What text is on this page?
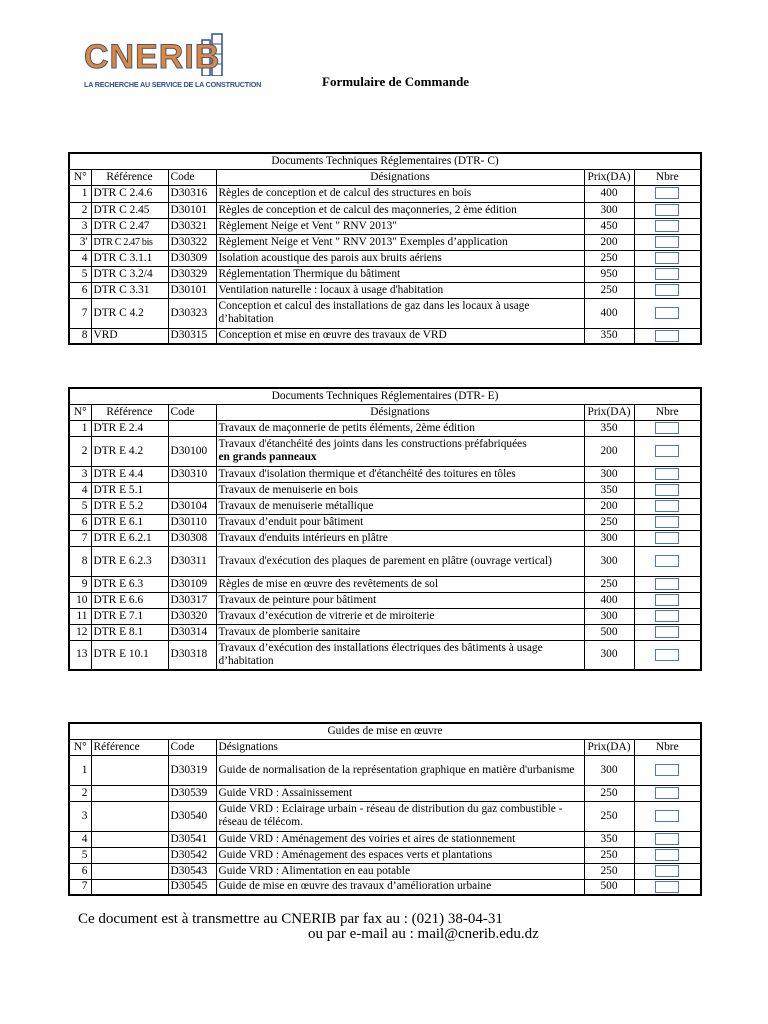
CNERIB
LA RECHERCHE AU SERVICE DE LA CONSTRUCTION	Formulaire de Commande
Documents Techniques Réglementaires (DTR- C)					
N°	Référence	Code	Désignations	Prix(DA)	Nbre
1	DTR C 2.4.6	D30316	Règles de conception et de calcul des structures en bois	400	
2	DTR C 2.45	D30101	Règles de conception et de calcul des maçonneries, 2 ème édition	300	
3	DTR C 2.47	D30321	Règlement Neige et Vent " RNV 2013"	450	
3'	DTR C 2.47 bis	D30322	Règlement Neige et Vent " RNV 2013" Exemples d’application	200	
4	DTR C 3.1.1	D30309	Isolation acoustique des parois aux bruits aériens	250	
5	DTR C 3.2/4	D30329	Réglementation Thermique du bâtiment	950	
6	DTR C 3.31	D30101	Ventilation naturelle : locaux à usage d'habitation	250	
7	DTR C 4.2	D30323	Conception et calcul des installations de gaz dans les locaux à usage d’habitation	400	
8	VRD	D30315	Conception et mise en œuvre des travaux de VRD	350	
Documents Techniques Réglementaires (DTR- E)					
N°	Référence	Code	Désignations	Prix(DA)	Nbre
1	DTR E 2.4		Travaux de maçonnerie de petits éléments, 2ème édition	350	
2	DTR E 4.2	D30100	Travaux d'étanchéité des joints dans les constructions préfabriquées
en grands panneaux	200	
3	DTR E 4.4	D30310	Travaux d'isolation thermique et d'étanchéité des toitures en tôles	300	
4	DTR E 5.1		Travaux de menuiserie en bois	350	
5	DTR E 5.2	D30104	Travaux de menuiserie métallique	200	
6	DTR E 6.1	D30110	Travaux d’enduit pour bâtiment	250	
7	DTR E 6.2.1	D30308	Travaux d'enduits intérieurs en plâtre	300	
8	DTR E 6.2.3	D30311	Travaux d'exécution des plaques de parement en plâtre (ouvrage vertical)	300	
9	DTR E 6.3	D30109	Règles de mise en œuvre des revêtements de sol	250	
10	DTR E 6.6	D30317	Travaux de peinture pour bâtiment	400	
11	DTR E 7.1	D30320	Travaux d’exécution de vitrerie et de miroiterie	300	
12	DTR E 8.1	D30314	Travaux de plomberie sanitaire	500	
13	DTR E 10.1	D30318	Travaux d’exécution des installations électriques des bâtiments à usage d’habitation	300	
Guides de mise en œuvre					
N°	Référence	Code	Désignations	Prix(DA)	Nbre
1		D30319	Guide de normalisation de la représentation graphique en matière d'urbanisme	300	
2		D30539	Guide VRD : Assainissement	250	
3		D30540	Guide VRD : Eclairage urbain - réseau de distribution du gaz combustible - réseau de télécom.	250	
4		D30541	Guide VRD : Aménagement des voiries et aires de stationnement	350	
5		D30542	Guide VRD : Aménagement des espaces verts et plantations	250	
6		D30543	Guide VRD : Alimentation en eau potable	250	
7		D30545	Guide de mise en œuvre des travaux d’amélioration urbaine	500	
Ce document est à transmettre au CNERIB par fax au : (021) 38-04-31
ou par e-mail au : mail@cnerib.edu.dz
